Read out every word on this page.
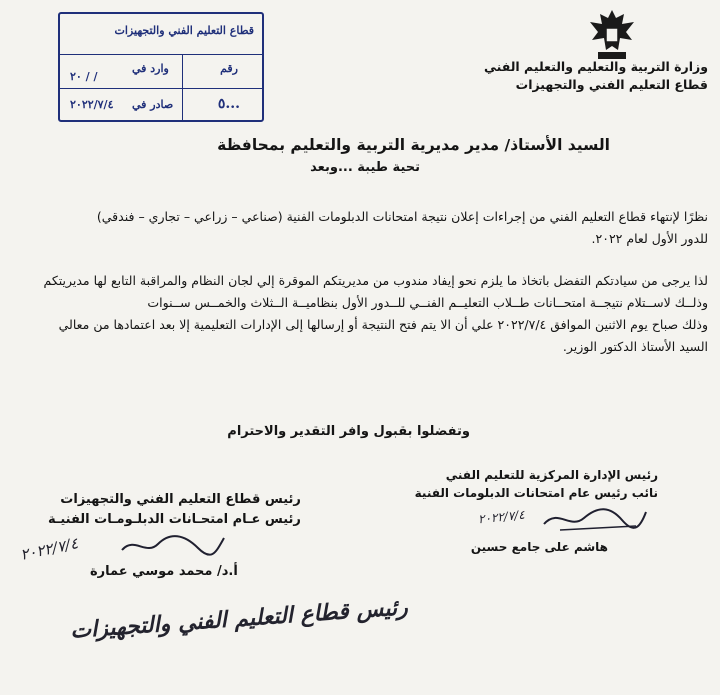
وزارة التربية والتعليم والتعليم الفني
قطاع التعليم الفني والتجهيزات
قطاع التعليم الفني والتجهيزات
رقم
٥...
وارد في
٢٠ / /
صادر في
٢٠٢٢/٧/٤
السيد الأستاذ/ مدير مديرية التربية والتعليم بمحافظة
تحية طيبة ...وبعد
نظرًا لإنتهاء قطاع التعليم الفني من إجراءات إعلان نتيجة امتحانات الدبلومات الفنية (صناعي – زراعي – تجاري – فندقي)
للدور الأول لعام ٢٠٢٢.
لذا يرجى من سيادتكم التفضل باتخاذ ما يلزم نحو إيفاد مندوب من مديريتكم الموقرة إلي لجان النظام والمراقبة التابع لها مديريتكم
وذلــك لاســتلام نتيجــة امتحــانات طــلاب التعليــم الفنــي للــدور الأول بنظاميــة الــثلاث والخمــس ســنوات
وذلك صباح يوم الاثنين الموافق ٢٠٢٢/٧/٤ علي أن الا يتم فتح النتيجة أو إرسالها إلى الإدارات التعليمية إلا بعد اعتمادها من معالي
السيد الأستاذ الدكتور الوزير.
وتفضلوا بقبول وافر التقدير والاحترام
رئيس الإدارة المركزية للتعليم الفني
نائب رئيس عام امتحانات الدبلومات الفنية
٢٠٢٢/٧/٤
هاشم على جامع حسين
رئيس قطاع التعليم الفني والتجهيزات
رئيس عـام امتحـانات الدبلـومـات الفنيـة
٢٠٢٢/٧/٤
أ.د/ محمد موسي عمارة
رئيس قطاع التعليم الفني والتجهيزات
